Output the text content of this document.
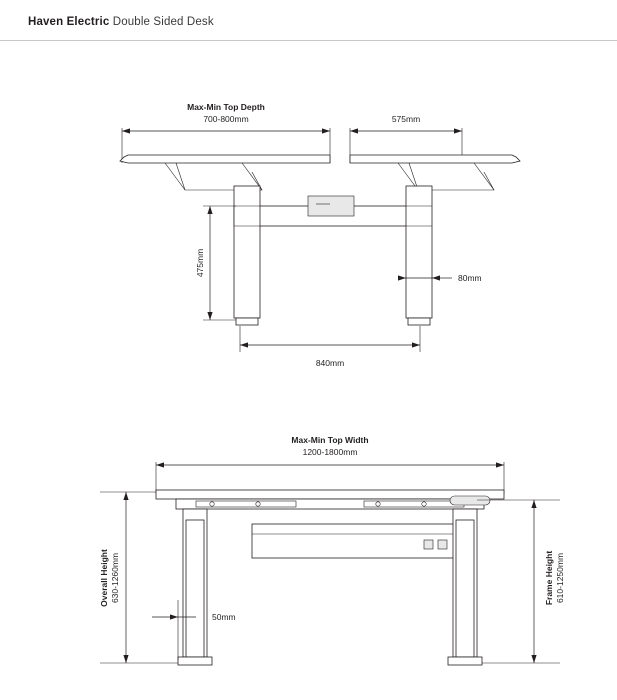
Haven Electric Double Sided Desk
Max-Min Top Depth
700-800mm	575mm
475mm
80mm
840mm
Max-Min Top Width
1200-1800mm
Overall Height 630-1260mm	Frame Height 610-1250mm
50mm
